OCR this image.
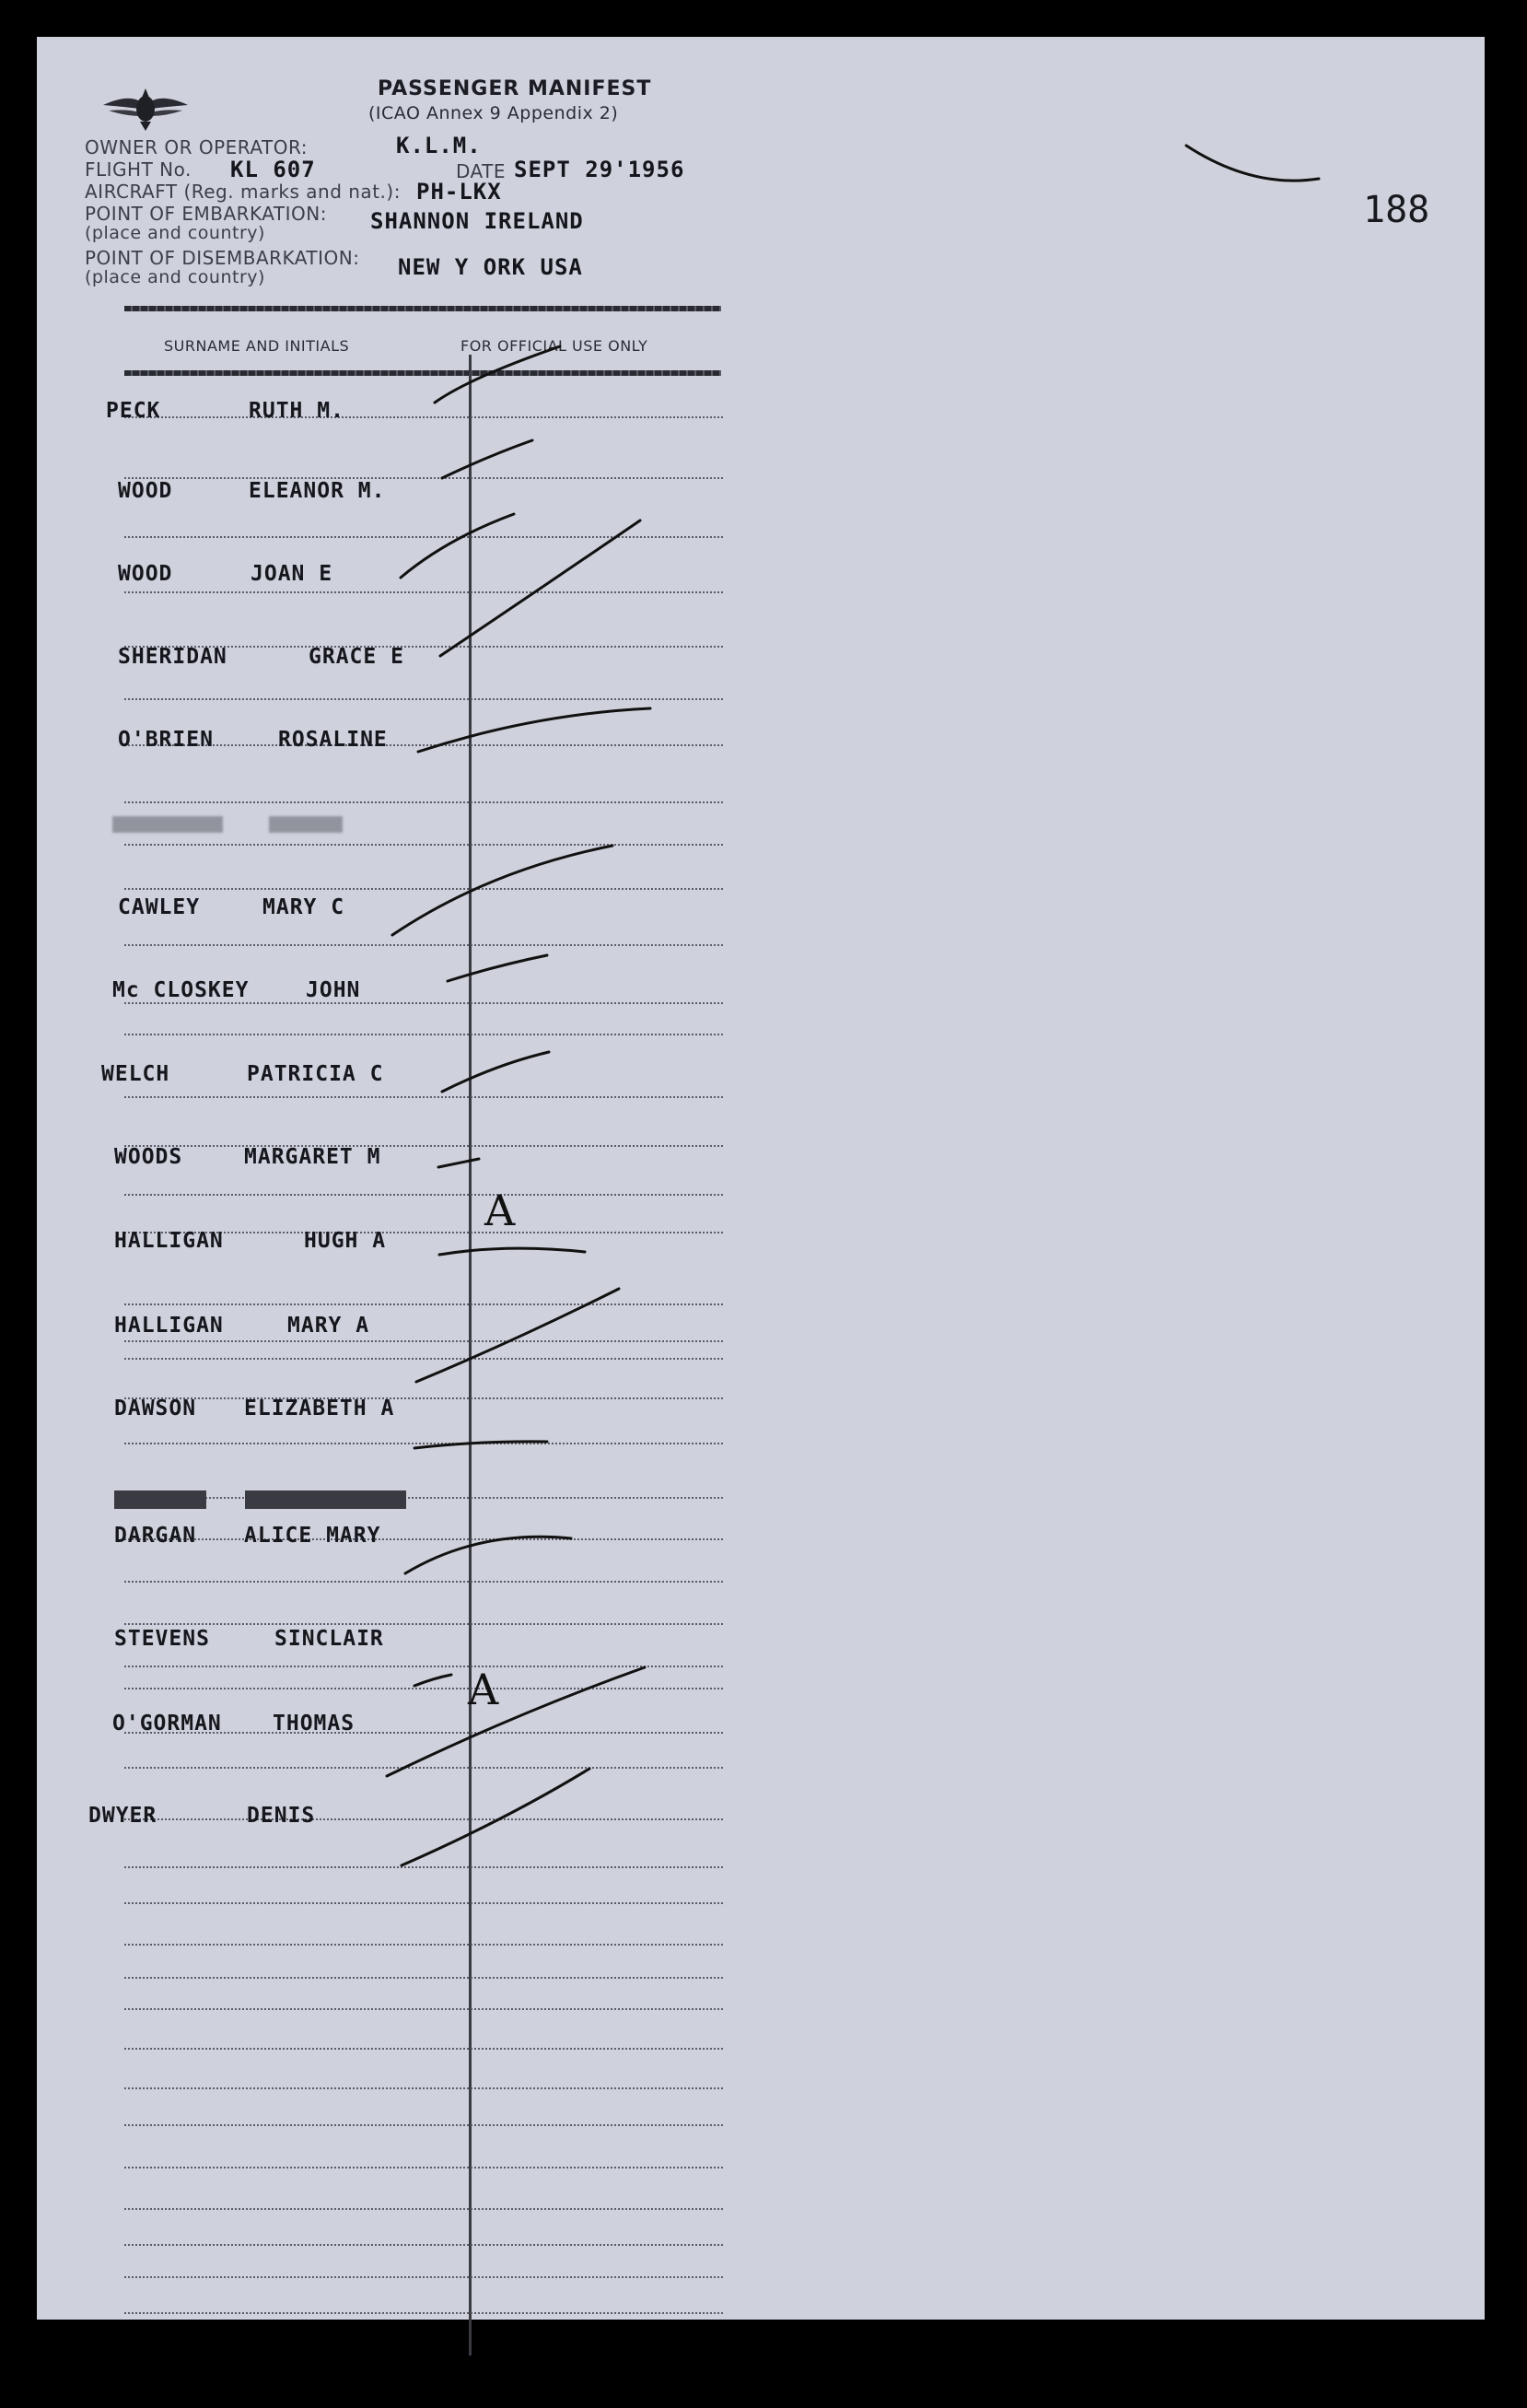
PASSENGER MANIFEST
(ICAO Annex 9 Appendix 2)
188
OWNER OR OPERATOR:	K.L.M.
FLIGHT No. KL 607	DATE SEPT 29'1956
AIRCRAFT (Reg. marks and nat.): PH-LKX
POINT OF EMBARKATION:
(place and country)	SHANNON IRELAND
POINT OF DISEMBARKATION:
(place and country)	NEW Y ORK USA
SURNAME AND INITIALS	FOR OFFICIAL USE ONLY
PECK	RUTH M.
WOOD	ELEANOR M.
WOOD	JOAN E
SHERIDAN	GRACE E
O'BRIEN	ROSALINE
CAWLEY	MARY C
Mc CLOSKEY	JOHN
WELCH	PATRICIA C
WOODS	MARGARET M
HALLIGAN	HUGH A
HALLIGAN	MARY A
DAWSON ELIZABETH A
DARGAN ALICE MARY
STEVENS	SINCLAIR
O'GORMAN THOMAS
DWYER	DENIS
A
A
